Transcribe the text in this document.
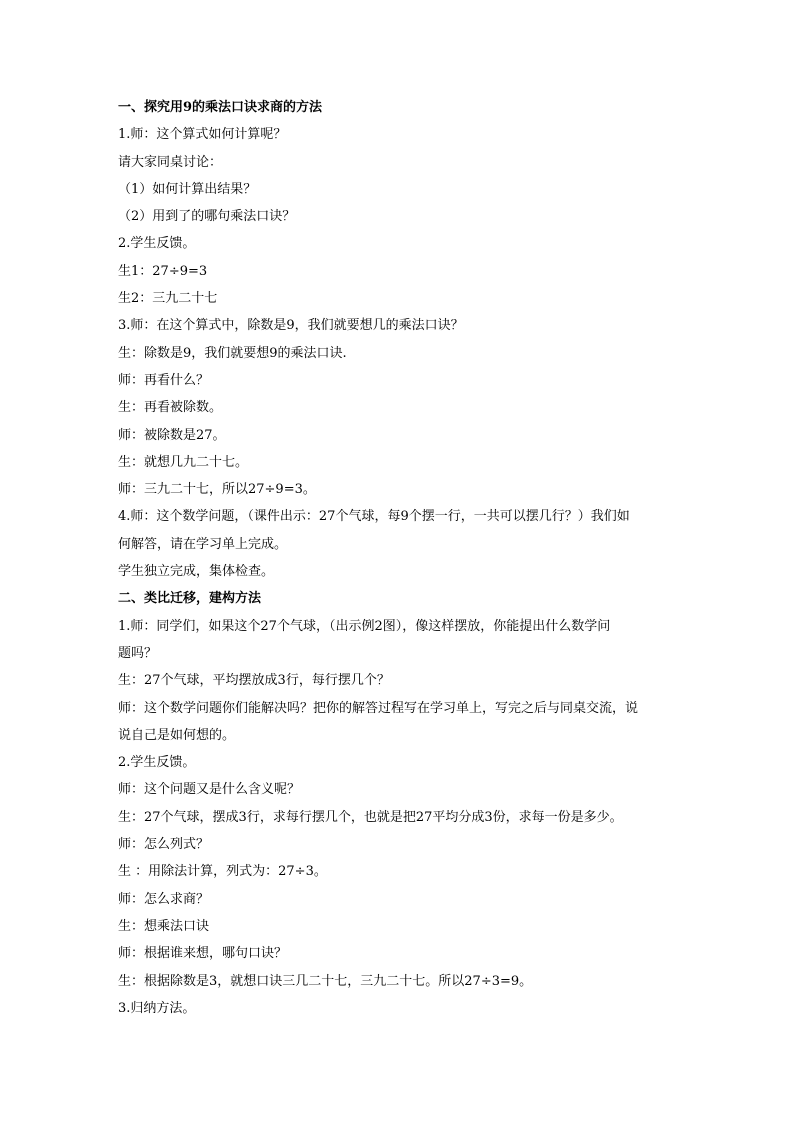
一、探究用9的乘法口诀求商的方法
1.师：这个算式如何计算呢？
请大家同桌讨论：
（1）如何计算出结果？
（2）用到了的哪句乘法口诀？
2.学生反馈。
生1：27÷9=3
生2：三九二十七
3.师：在这个算式中，除数是9，我们就要想几的乘法口诀？
生：除数是9，我们就要想9的乘法口诀.
师：再看什么？
生：再看被除数。
师：被除数是27。
生：就想几九二十七。
师：三九二十七，所以27÷9=3。
4.师：这个数学问题，（课件出示：27个气球，每9个摆一行，一共可以摆几行？）我们如
何解答，请在学习单上完成。
学生独立完成，集体检查。
二、类比迁移，建构方法
1.师：同学们，如果这个27个气球，（出示例2图），像这样摆放，你能提出什么数学问
题吗？
生：27个气球，平均摆放成3行，每行摆几个？
师：这个数学问题你们能解决吗？把你的解答过程写在学习单上，写完之后与同桌交流，说
说自己是如何想的。
2.学生反馈。
师：这个问题又是什么含义呢？
生：27个气球，摆成3行，求每行摆几个，也就是把27平均分成3份，求每一份是多少。
师：怎么列式？
生 ：用除法计算，列式为：27÷3。
师：怎么求商？
生：想乘法口诀
师：根据谁来想，哪句口诀？
生：根据除数是3，就想口诀三几二十七，三九二十七。所以27÷3=9。
3.归纳方法。
